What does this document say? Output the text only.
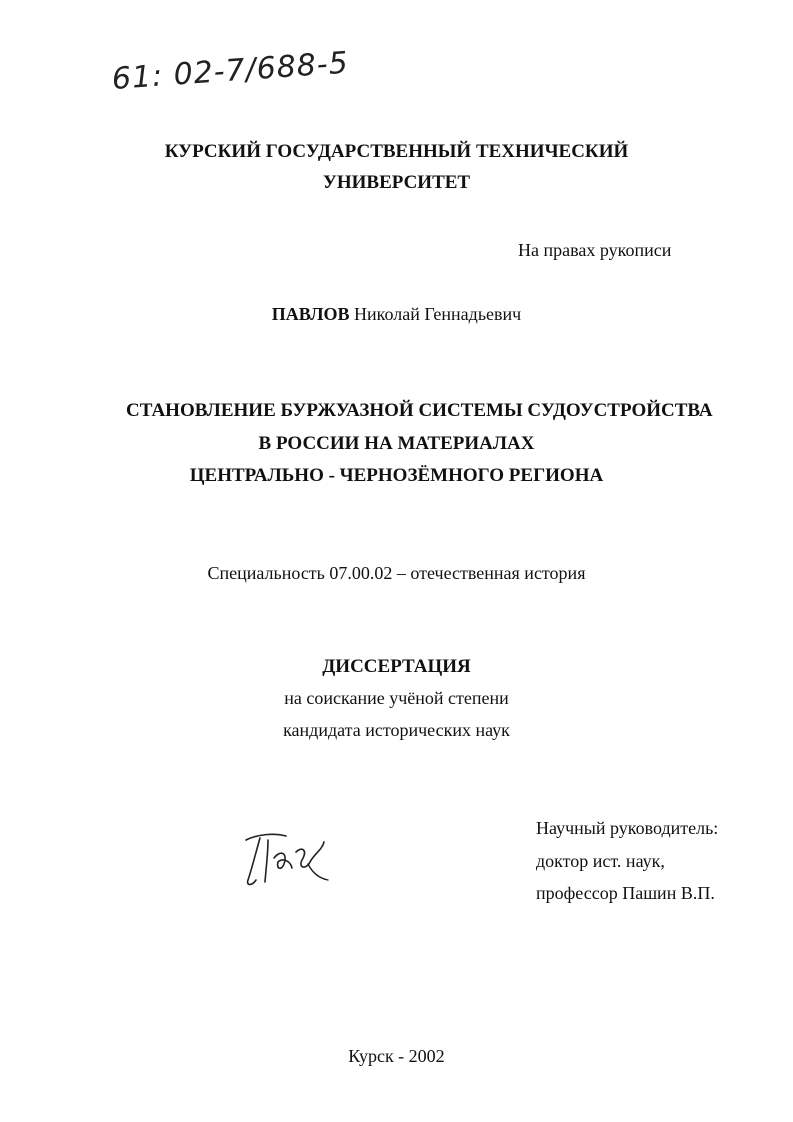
61: 02-7/688-5
КУРСКИЙ ГОСУДАРСТВЕННЫЙ ТЕХНИЧЕСКИЙ
УНИВЕРСИТЕТ
На правах рукописи
ПАВЛОВ Николай Геннадьевич
СТАНОВЛЕНИЕ БУРЖУАЗНОЙ СИСТЕМЫ СУДОУСТРОЙСТВА
В РОССИИ НА МАТЕРИАЛАХ
ЦЕНТРАЛЬНО - ЧЕРНОЗЁМНОГО РЕГИОНА
Специальность 07.00.02 – отечественная история
ДИССЕРТАЦИЯ
на соискание учёной степени
кандидата исторических наук
Научный руководитель:
доктор ист. наук,
профессор Пашин В.П.
Курск - 2002
